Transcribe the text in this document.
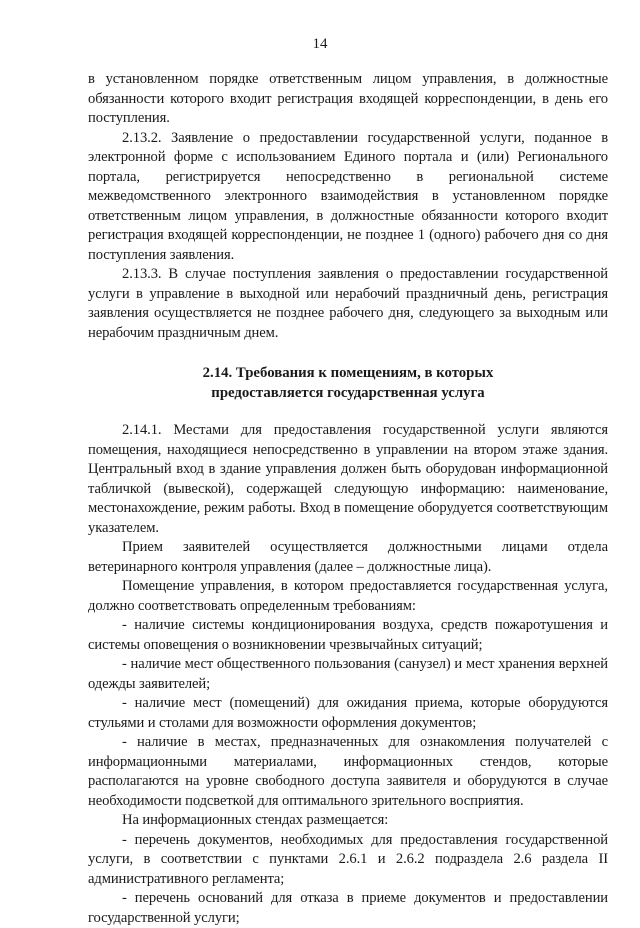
14

в установленном порядке ответственным лицом управления, в должностные обязанности которого входит регистрация входящей корреспонденции, в день его поступления.

2.13.2. Заявление о предоставлении государственной услуги, поданное в электронной форме с использованием Единого портала и (или) Регионального портала, регистрируется непосредственно в региональной системе межведомственного электронного взаимодействия в установленном порядке ответственным лицом управления, в должностные обязанности которого входит регистрация входящей корреспонденции, не позднее 1 (одного) рабочего дня со дня поступления заявления.

2.13.3. В случае поступления заявления о предоставлении государственной услуги в управление в выходной или нерабочий праздничный день, регистрация заявления осуществляется не позднее рабочего дня, следующего за выходным или нерабочим праздничным днем.

2.14. Требования к помещениям, в которых

предоставляется государственная услуга

2.14.1. Местами для предоставления государственной услуги являются помещения, находящиеся непосредственно в управлении на втором этаже здания. Центральный вход в здание управления должен быть оборудован информационной табличкой (вывеской), содержащей следующую информацию: наименование, местонахождение, режим работы. Вход в помещение оборудуется соответствующим указателем.

Прием заявителей осуществляется должностными лицами отдела ветеринарного контроля управления (далее – должностные лица).

Помещение управления, в котором предоставляется государственная услуга, должно соответствовать определенным требованиям:

- наличие системы кондиционирования воздуха, средств пожаротушения и системы оповещения о возникновении чрезвычайных ситуаций;

- наличие мест общественного пользования (санузел) и мест хранения верхней одежды заявителей;

- наличие мест (помещений) для ожидания приема, которые оборудуются стульями и столами для возможности оформления документов;

- наличие в местах, предназначенных для ознакомления получателей с информационными материалами, информационных стендов, которые располагаются на уровне свободного доступа заявителя и оборудуются в случае необходимости подсветкой для оптимального зрительного восприятия.

На информационных стендах размещается:

- перечень документов, необходимых для предоставления государственной услуги, в соответствии с пунктами 2.6.1 и 2.6.2 подраздела 2.6 раздела II административного регламента;

- перечень оснований для отказа в приеме документов и предоставлении государственной услуги;
